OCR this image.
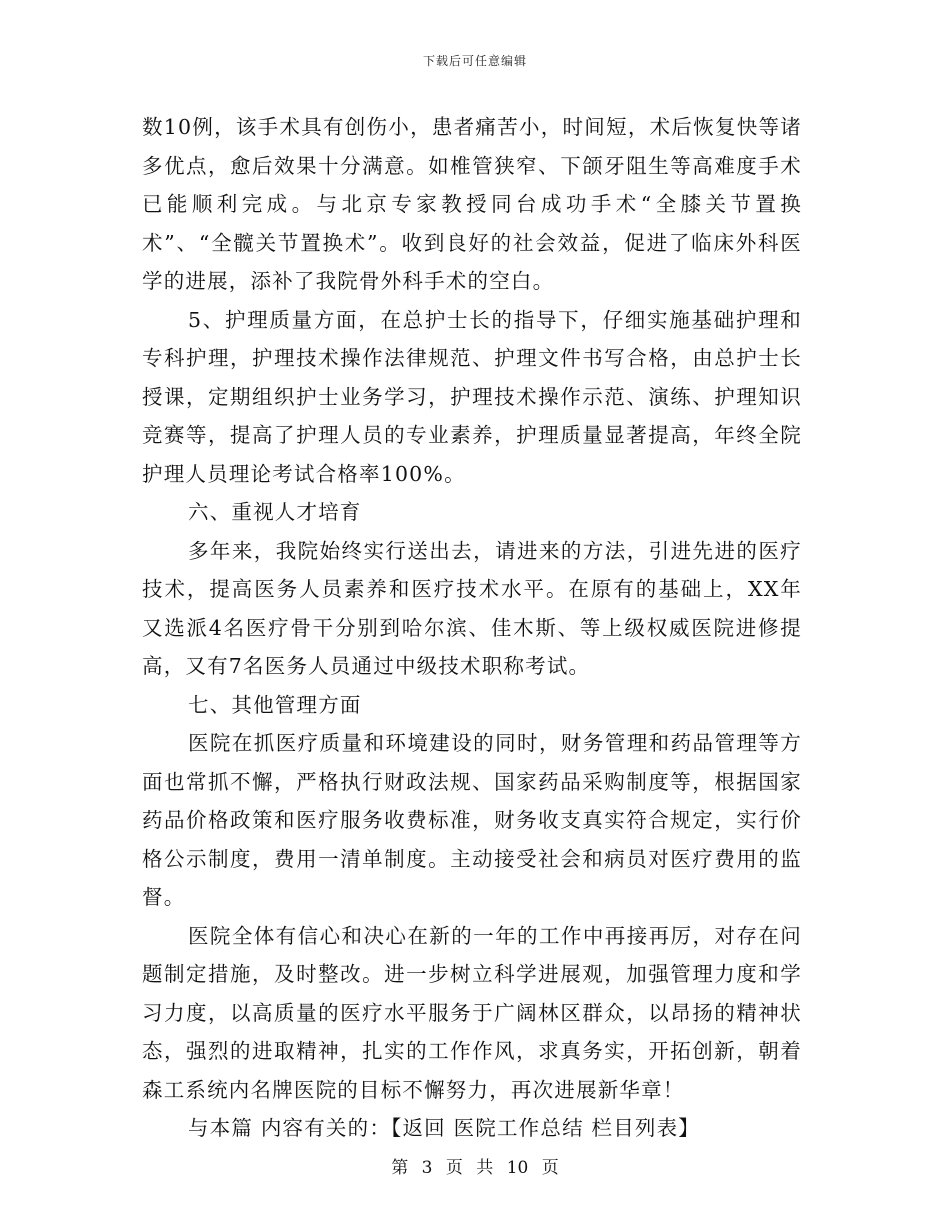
下载后可任意编辑

数10例，该手术具有创伤小，患者痛苦小，时间短，术后恢复快等诸多优点，愈后效果十分满意。如椎管狭窄、下颌牙阻生等高难度手术已能顺利完成。与北京专家教授同台成功手术“全膝关节置换术”、“全髋关节置换术”。收到良好的社会效益，促进了临床外科医学的进展，添补了我院骨外科手术的空白。

5、护理质量方面，在总护士长的指导下，仔细实施基础护理和专科护理，护理技术操作法律规范、护理文件书写合格，由总护士长授课，定期组织护士业务学习，护理技术操作示范、演练、护理知识竞赛等，提高了护理人员的专业素养，护理质量显著提高，年终全院护理人员理论考试合格率100%。

六、重视人才培育

多年来，我院始终实行送出去，请进来的方法，引进先进的医疗技术，提高医务人员素养和医疗技术水平。在原有的基础上，XX年又选派4名医疗骨干分别到哈尔滨、佳木斯、等上级权威医院进修提高，又有7名医务人员通过中级技术职称考试。

七、其他管理方面

医院在抓医疗质量和环境建设的同时，财务管理和药品管理等方面也常抓不懈，严格执行财政法规、国家药品采购制度等，根据国家药品价格政策和医疗服务收费标准，财务收支真实符合规定，实行价格公示制度，费用一清单制度。主动接受社会和病员对医疗费用的监督。

医院全体有信心和决心在新的一年的工作中再接再厉，对存在问题制定措施，及时整改。进一步树立科学进展观，加强管理力度和学习力度，以高质量的医疗水平服务于广阔林区群众，以昂扬的精神状态，强烈的进取精神，扎实的工作作风，求真务实，开拓创新，朝着森工系统内名牌医院的目标不懈努力，再次进展新华章！

与本篇 内容有关的：【返回 医院工作总结 栏目列表】

第 3 页 共 10 页
